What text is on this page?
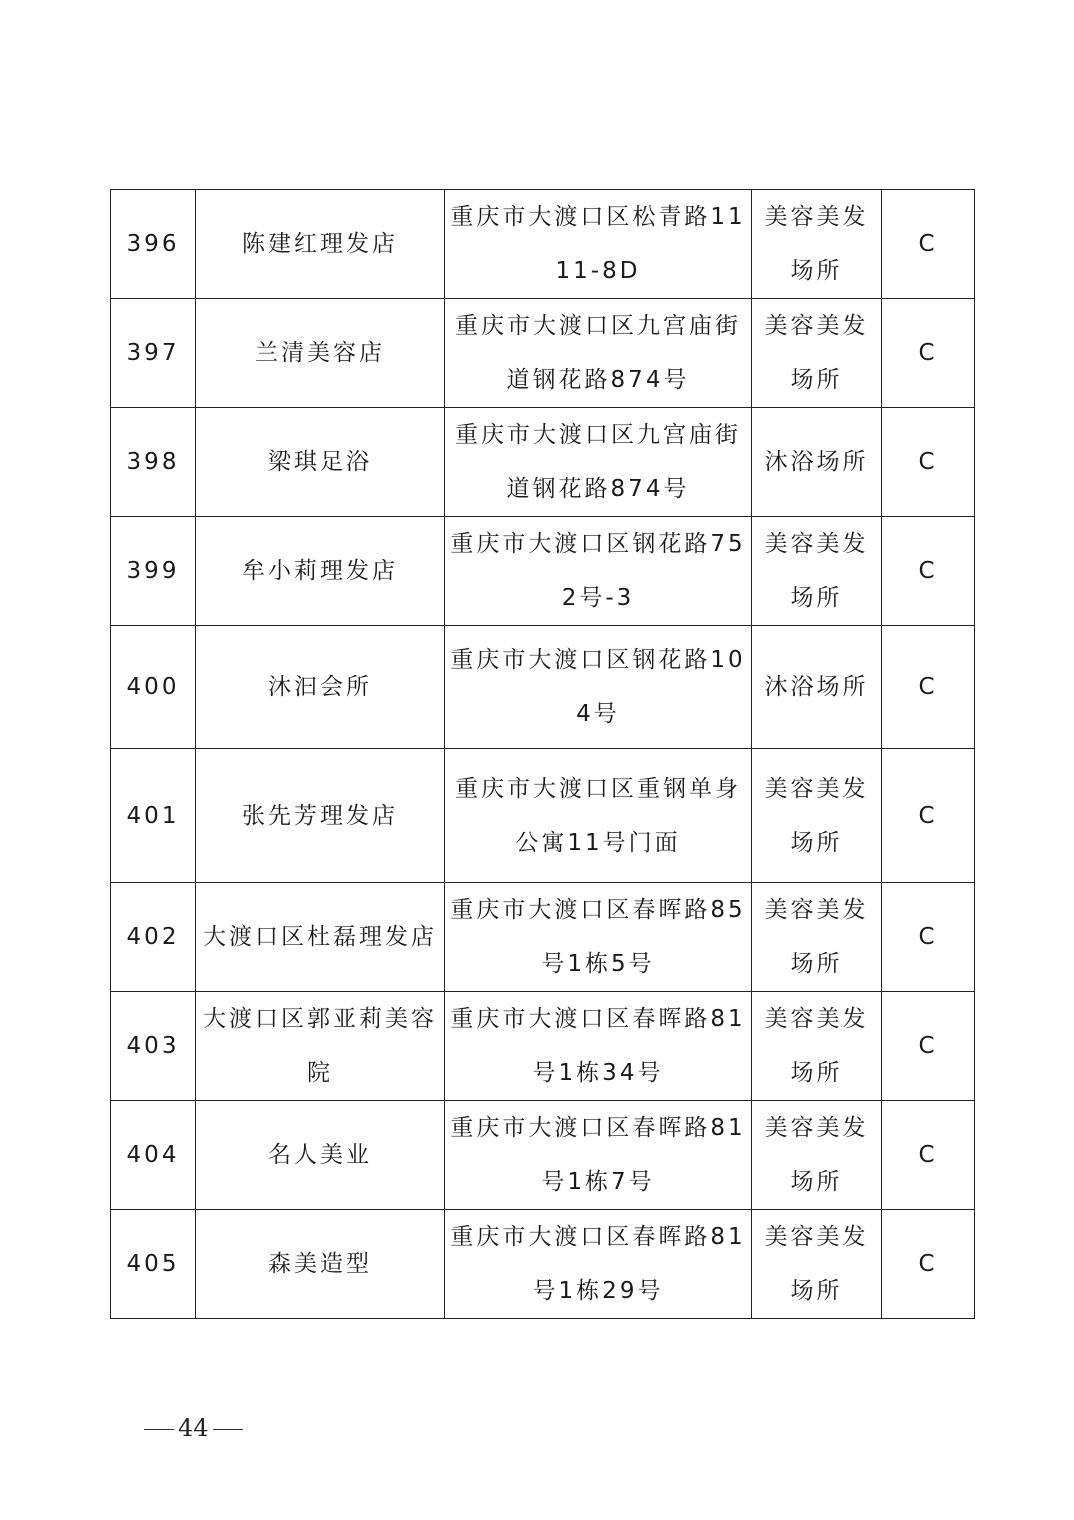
396	陈建红理发店	重庆市大渡口区松青路1111-8D	美容美发场所	C
397	兰清美容店	重庆市大渡口区九宫庙街道钢花路874号	美容美发场所	C
398	梁琪足浴	重庆市大渡口区九宫庙街道钢花路874号	沐浴场所	C
399	牟小莉理发店	重庆市大渡口区钢花路752号-3	美容美发场所	C
400	沐汩会所	重庆市大渡口区钢花路104号	沐浴场所	C
401	张先芳理发店	重庆市大渡口区重钢单身公寓11号门面	美容美发场所	C
402	大渡口区杜磊理发店	重庆市大渡口区春晖路85号1栋5号	美容美发场所	C
403	大渡口区郭亚莉美容院	重庆市大渡口区春晖路81号1栋34号	美容美发场所	C
404	名人美业	重庆市大渡口区春晖路81号1栋7号	美容美发场所	C
405	森美造型	重庆市大渡口区春晖路81号1栋29号	美容美发场所	C
44
